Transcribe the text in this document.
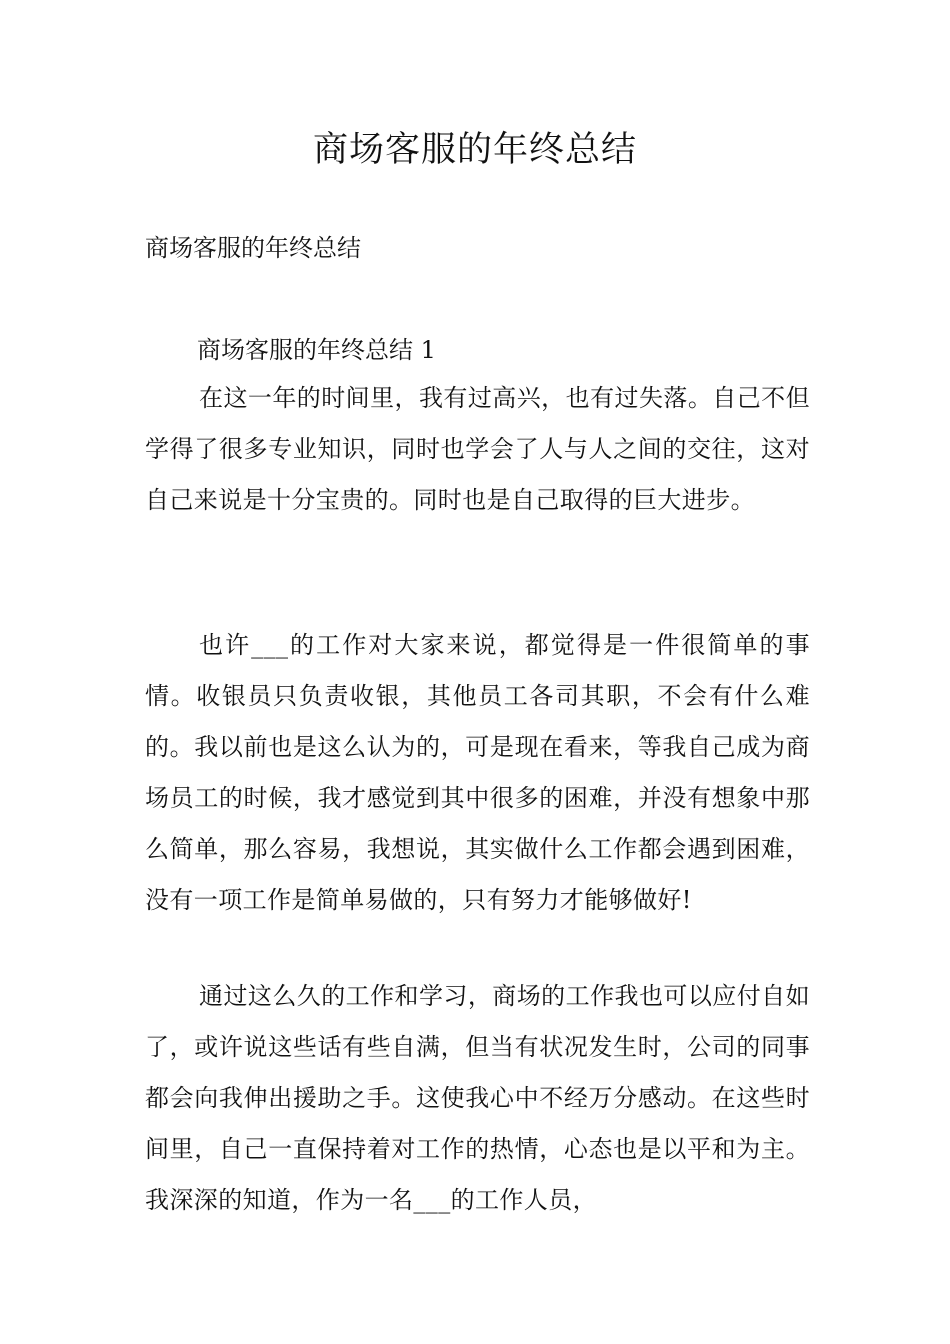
商场客服的年终总结

商场客服的年终总结

商场客服的年终总结 1

在这一年的时间里，我有过高兴，也有过失落。自己不但学得了很多专业知识，同时也学会了人与人之间的交往，这对自己来说是十分宝贵的。同时也是自己取得的巨大进步。

也许___的工作对大家来说，都觉得是一件很简单的事情。收银员只负责收银，其他员工各司其职，不会有什么难的。我以前也是这么认为的，可是现在看来，等我自己成为商场员工的时候，我才感觉到其中很多的困难，并没有想象中那么简单，那么容易，我想说，其实做什么工作都会遇到困难，没有一项工作是简单易做的，只有努力才能够做好!

通过这么久的工作和学习，商场的工作我也可以应付自如了，或许说这些话有些自满，但当有状况发生时，公司的同事都会向我伸出援助之手。这使我心中不经万分感动。在这些时间里，自己一直保持着对工作的热情，心态也是以平和为主。我深深的知道，作为一名___的工作人员，
